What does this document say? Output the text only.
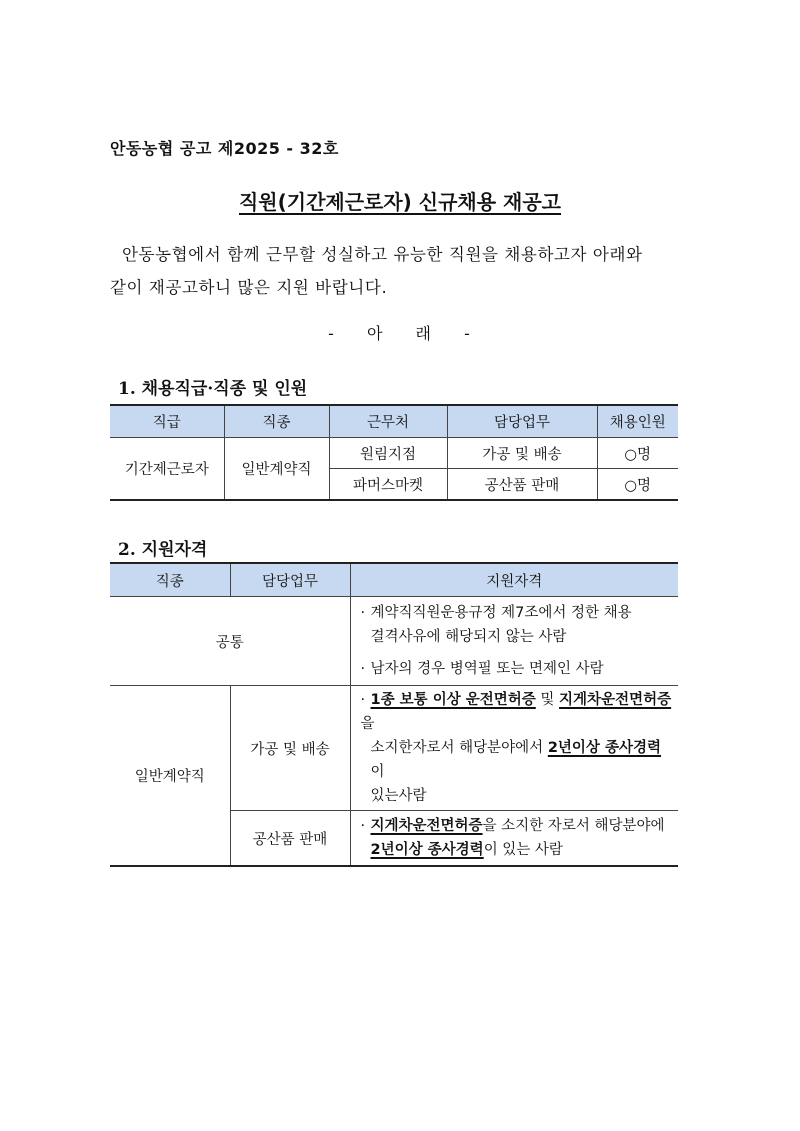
안동농협 공고 제2025 - 32호
직원(기간제근로자) 신규채용 재공고

안동농협에서 함께 근무할 성실하고 유능한 직원을 채용하고자 아래와

같이 재공고하니 많은 지원 바랍니다.

- 아 래 -
1. 채용직급·직종 및 인원
직급	직종	근무처	담당업무	채용인원
기간제근로자	일반계약직	원림지점	가공 및 배송	○명
		파머스마켓	공산품 판매	○명
2. 지원자격
직종	담당업무	지원자격
공통		· 계약직직원운용규정 제7조에서 정한 채용
결격사유에 해당되지 않는 사람
· 남자의 경우 병역필 또는 면제인 사람

일반계약직	가공 및 배송	· 1종 보통 이상 운전면허증 및 지게차운전면허증을
소지한자로서 해당분야에서 2년이상 종사경력이
있는사람

	공산품 판매	· 지게차운전면허증을 소지한 자로서 해당분야에
2년이상 종사경력이 있는 사람
